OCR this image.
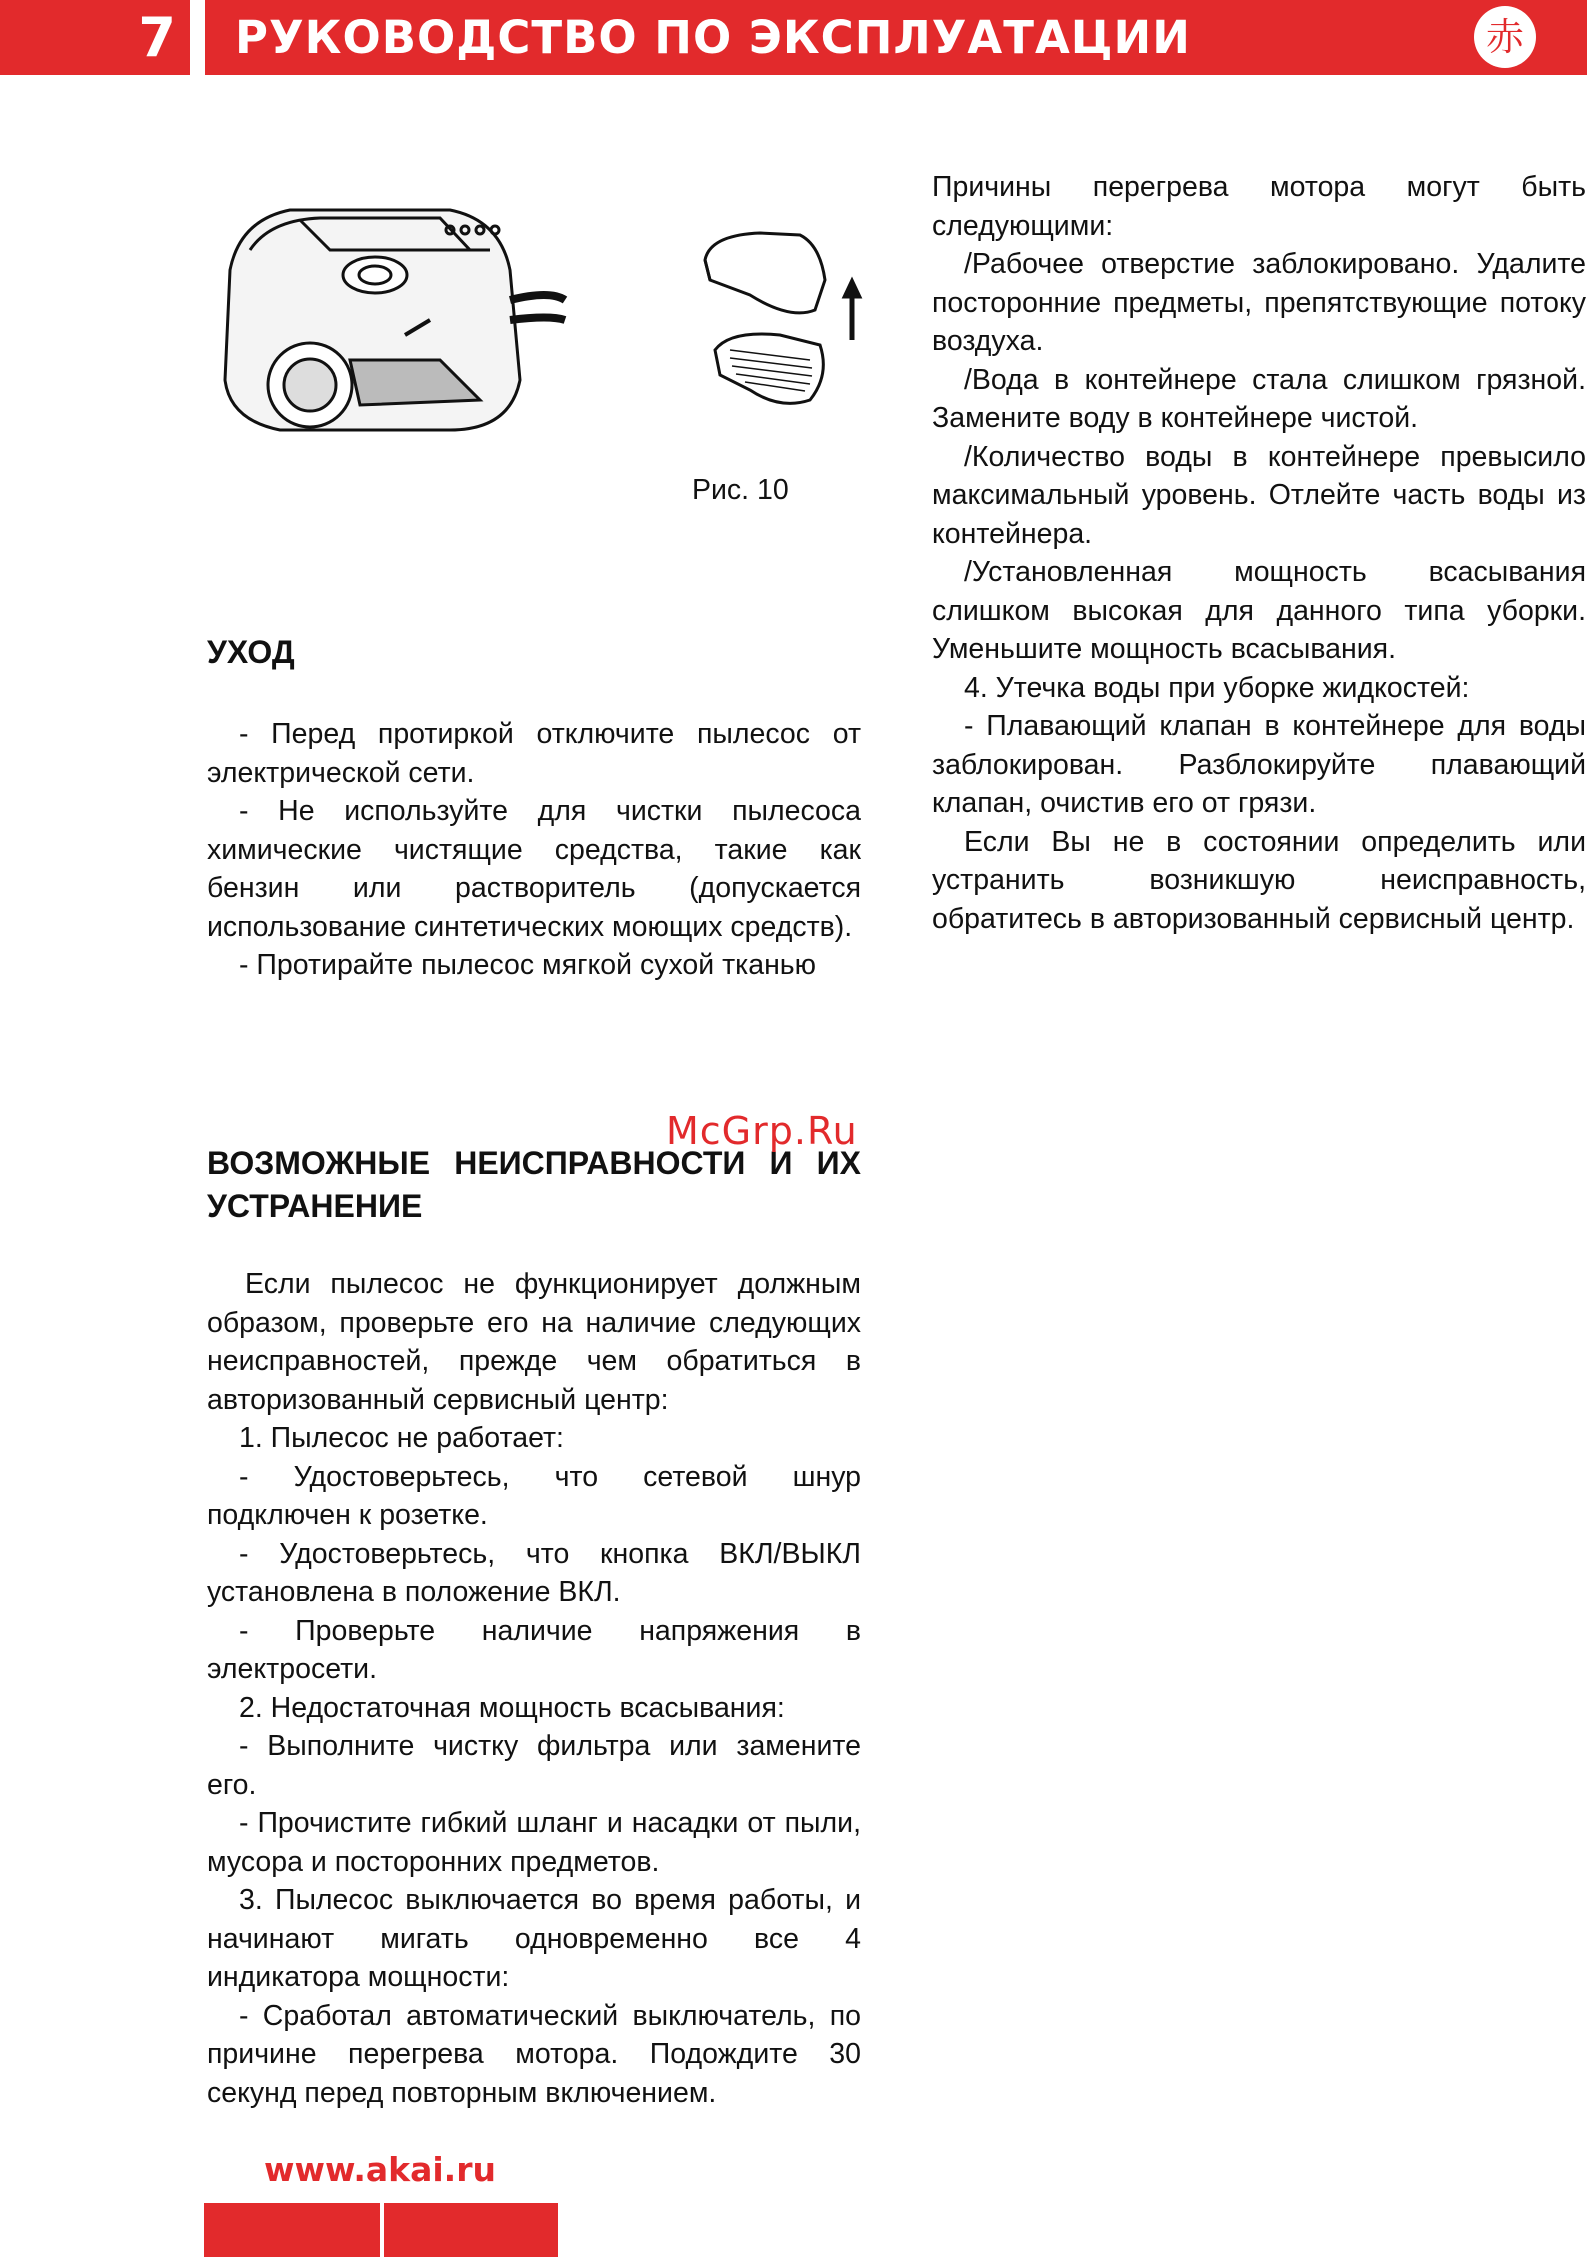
7	РУКОВОДСТВО ПО ЭКСПЛУАТАЦИИ	赤
Рис. 10
УХОД

- Перед протиркой отключите пылесос от электрической сети.

- Не используйте для чистки пылесоса химические чистящие средства, такие как бензин или растворитель (допускается использование синтетических моющих средств).

- Протирайте пылесос мягкой сухой тканью

ВОЗМОЖНЫЕ НЕИСПРАВНОСТИ И ИХ УСТРАНЕНИЕ

Если пылесос не функционирует должным образом, проверьте его на наличие следующих неисправностей, прежде чем обратиться в авторизованный сервисный центр:

1. Пылесос не работает:

- Удостоверьтесь, что сетевой шнур подключен к розетке.

- Удостоверьтесь, что кнопка ВКЛ/ВЫКЛ установлена в положение ВКЛ.

- Проверьте наличие напряжения в электросети.

2. Недостаточная мощность всасывания:

- Выполните чистку фильтра или замените его.

- Прочистите гибкий шланг и насадки от пыли, мусора и посторонних предметов.

3. Пылесос выключается во время работы, и начинают мигать одновременно все 4 индикатора мощности:

- Сработал автоматический выключатель, по причине перегрева мотора. Подождите 30 секунд перед повторным включением.

Причины перегрева мотора могут быть следующими:

/Рабочее отверстие заблокировано. Удалите посторонние предметы, препятствующие потоку воздуха.

/Вода в контейнере стала слишком грязной. Замените воду в контейнере чистой.

/Количество воды в контейнере превысило максимальный уровень. Отлейте часть воды из контейнера.

/Установленная мощность всасывания слишком высокая для данного типа уборки. Уменьшите мощность всасывания.

4. Утечка воды при уборке жидкостей:

- Плавающий клапан в контейнере для воды заблокирован. Разблокируйте плавающий клапан, очистив его от грязи.

Если Вы не в состоянии определить или устранить возникшую неисправность, обратитесь в авторизованный сервисный центр.

McGrp.Ru
www.akai.ru
